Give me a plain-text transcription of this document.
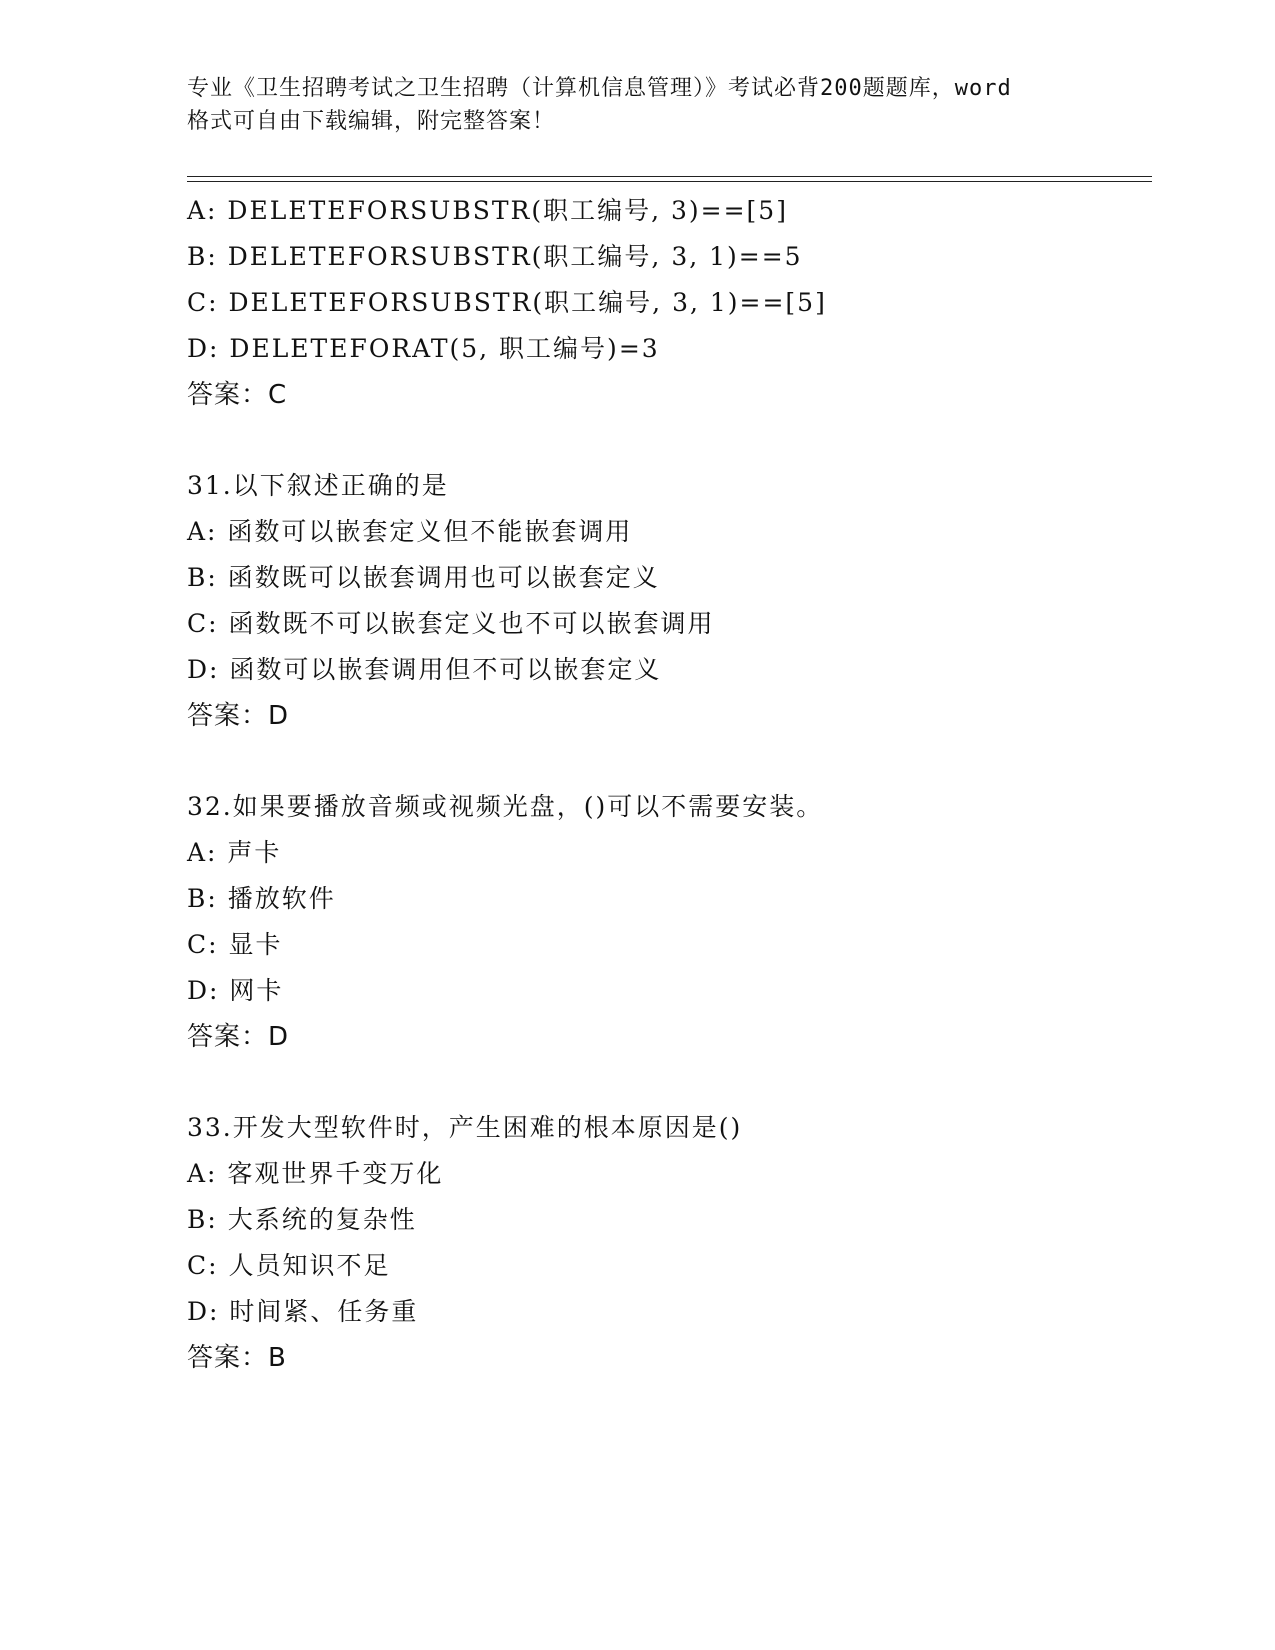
专业《卫生招聘考试之卫生招聘（计算机信息管理）》考试必背200题题库，word
格式可自由下载编辑，附完整答案！
A: DELETEFORSUBSTR(职工编号, 3)==[5]
B: DELETEFORSUBSTR(职工编号, 3, 1)==5
C: DELETEFORSUBSTR(职工编号, 3, 1)==[5]
D: DELETEFORAT(5, 职工编号)=3
答案：C
31.以下叙述正确的是
A: 函数可以嵌套定义但不能嵌套调用
B: 函数既可以嵌套调用也可以嵌套定义
C: 函数既不可以嵌套定义也不可以嵌套调用
D: 函数可以嵌套调用但不可以嵌套定义
答案：D
32.如果要播放音频或视频光盘，()可以不需要安装。
A: 声卡
B: 播放软件
C: 显卡
D: 网卡
答案：D
33.开发大型软件时，产生困难的根本原因是()
A: 客观世界千变万化
B: 大系统的复杂性
C: 人员知识不足
D: 时间紧、任务重
答案：B
